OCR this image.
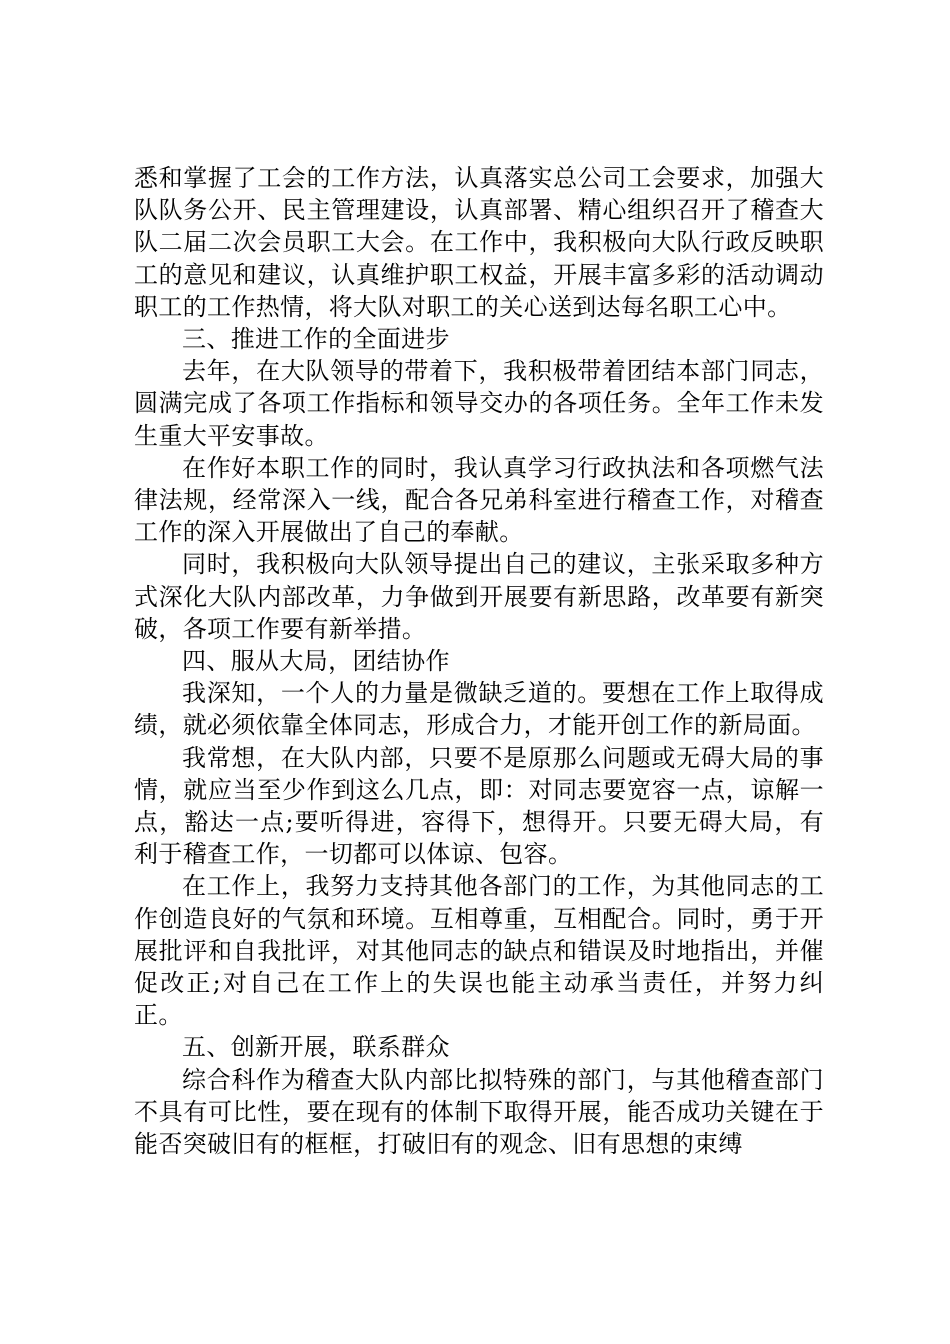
悉和掌握了工会的工作方法，认真落实总公司工会要求，加强大队队务公开、民主管理建设，认真部署、精心组织召开了稽查大队二届二次会员职工大会。在工作中，我积极向大队行政反映职工的意见和建议，认真维护职工权益，开展丰富多彩的活动调动职工的工作热情，将大队对职工的关心送到达每名职工心中。

三、推进工作的全面进步

去年，在大队领导的带着下，我积极带着团结本部门同志，圆满完成了各项工作指标和领导交办的各项任务。全年工作未发生重大平安事故。

在作好本职工作的同时，我认真学习行政执法和各项燃气法律法规，经常深入一线，配合各兄弟科室进行稽查工作，对稽查工作的深入开展做出了自己的奉献。

同时，我积极向大队领导提出自己的建议，主张采取多种方式深化大队内部改革，力争做到开展要有新思路，改革要有新突破，各项工作要有新举措。

四、服从大局，团结协作

我深知，一个人的力量是微缺乏道的。要想在工作上取得成绩，就必须依靠全体同志，形成合力，才能开创工作的新局面。

我常想，在大队内部，只要不是原那么问题或无碍大局的事情，就应当至少作到这么几点，即：对同志要宽容一点，谅解一点，豁达一点;要听得进，容得下，想得开。只要无碍大局，有利于稽查工作，一切都可以体谅、包容。

在工作上，我努力支持其他各部门的工作，为其他同志的工作创造良好的气氛和环境。互相尊重，互相配合。同时，勇于开展批评和自我批评，对其他同志的缺点和错误及时地指出，并催促改正;对自己在工作上的失误也能主动承当责任，并努力纠正。

五、创新开展，联系群众

综合科作为稽查大队内部比拟特殊的部门，与其他稽查部门不具有可比性，要在现有的体制下取得开展，能否成功关键在于能否突破旧有的框框，打破旧有的观念、旧有思想的束缚
